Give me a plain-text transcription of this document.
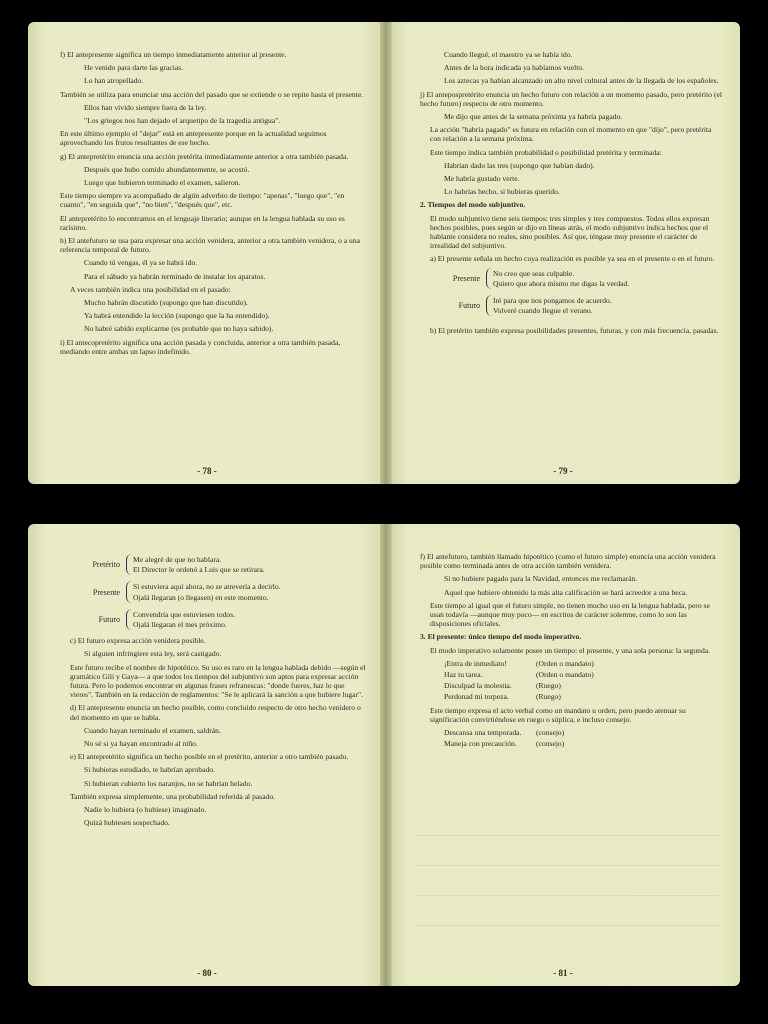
f) El antepresente significa un tiempo inmediatamente anterior al presente.

He venido para darte las gracias.

Lo han atropellado.

También se utiliza para enunciar una acción del pasado que se extiende o se repite hasta el presente.

Ellos han vivido siempre fuera de la ley.

"Los griegos nos han dejado el arquetipo de la tragedia antigua".

En este último ejemplo el "dejar" está en antepresente porque en la actualidad seguimos aprovechando los frutos resultantes de ese hecho.

g) El antepretérito enuncia una acción pretérita inmediatamente anterior a otra también pasada.

Después que hubo comido abundantemente, se acostó.

Luego que hubieron terminado el examen, salieron.

Este tiempo siempre va acompañado de algún adverbio de tiempo: "apenas", "luego que", "en cuanto", "en seguida que", "no bien", "después que", etc.

El antepretérito lo encontramos en el lenguaje literario; aunque en la lengua hablada su uso es rarísimo.

h) El antefuturo se usa para expresar una acción venidera, anterior a otra también venidera, o a una referencia temporal de futuro.

Cuando tú vengas, él ya se habrá ido.

Para el sábado ya habrán terminado de instalar los aparatos.

A veces también indica una posibilidad en el pasado:

Mucho habrán discutido (supongo que han discutido).

Ya habrá entendido la lección (supongo que la ha entendido).

No habré sabido explicarme (es probable que no haya sabido).

i) El antecopretérito significa una acción pasada y concluida, anterior a otra también pasada, mediando entre ambas un lapso indefinido.

- 78 -

Cuando llegué, el maestro ya se había ido.

Antes de la hora indicada ya habíamos vuelto.

Los aztecas ya habían alcanzado un alto nivel cultural antes de la llegada de los españoles.

j) El antepospretérito enuncia un hecho futuro con relación a un momento pasado, pero pretérito (el hecho futuro) respecto de otro momento.

Me dijo que antes de la semana próxima ya habría pagado.

La acción "habría pagado" es futura en relación con el momento en que "dijo", pero pretérita con relación a la semana próxima.

Este tiempo indica también probabilidad o posibilidad pretérita y terminada:

Habrían dado las tres (supongo que habían dado).

Me habría gustado verte.

Lo habrías hecho, si hubieras querido.

2. Tiempos del modo subjuntivo.

El modo subjuntivo tiene seis tiempos: tres simples y tres compuestos. Todos ellos expresan hechos posibles, pues según se dijo en líneas atrás, el modo subjuntivo indica hechos que el hablante considera no reales, sino posibles. Así que, téngase muy presente el carácter de irrealidad del subjuntivo.

a) El presente señala un hecho cuya realización es posible ya sea en el presente o en el futuro.

Presente
No creo que seas culpable.
Quiero que ahora mismo me digas la verdad.
Futuro
Iré para que nos pongamos de acuerdo.
Volveré cuando llegue el verano.

b) El pretérito también expresa posibilidades presentes, futuras, y con más frecuencia, pasadas.

- 79 -
Pretérito
Me alegré de que no hablara.
El Director le ordenó a Luis que se retirara.
Presente
Si estuviera aquí ahora, no se atrevería a decirlo.
Ojalá llegaran (o llegasen) en este momento.
Futuro
Convendría que estuviesen todos.
Ojalá llegaran el mes próximo.

c) El futuro expresa acción venidera posible.

Si alguien infringiere esta ley, será castigado.

Este futuro recibe el nombre de hipotético. Su uso es raro en la lengua hablada debido —según el gramático Gili y Gaya— a que todos los tiempos del subjuntivo son aptos para expresar acción futura. Pero lo podemos encontrar en algunas frases refranescas: "donde fueres, haz lo que vieres". También en la redacción de reglamentos: "Se le aplicará la sanción a que hubiere lugar".

d) El antepresente enuncia un hecho posible, como concluido respecto de otro hecho venidero o del momento en que se habla.

Cuando hayan terminado el examen, saldrán.

No sé si ya hayan encontrado al niño.

e) El antepretérito significa un hecho posible en el pretérito, anterior a otro también pasado.

Si hubieras estudiado, te habrían aprobado.

Si hubieran cubierto los naranjos, no se habrían helado.

También expresa simplemente, una probabilidad referida al pasado.

Nadie lo hubiera (o hubiese) imaginado.

Quizá hubiesen sospechado.

- 80 -

f) El antefuturo, también llamado hipotético (como el futuro simple) enuncia una acción venidera posible como terminada antes de otra acción también venidera.

Si no hubiere pagado para la Navidad, entonces me reclamarán.

Aquel que hubiere obtenido la más alta calificación se hará acreedor a una beca.

Este tiempo al igual que el futuro simple, no tienen mucho uso en la lengua hablada, pero se usan todavía —aunque muy poco— en escritos de carácter solemne, como lo son las disposiciones oficiales.

3. El presente: único tiempo del modo imperativo.

El modo imperativo solamente posee un tiempo: el presente, y una sola persona: la segunda.

¡Entra de inmediato!	(Orden o mandato)
Haz tu tarea.	(Orden o mandato)
Disculpad la molestia.	(Ruego)
Perdonad mi torpeza.	(Ruego)

Este tiempo expresa el acto verbal como un mandato u orden, pero puedo atenuar su significación convirtiéndose en ruego o súplica, e incluso consejo.

Descansa una temporada.	(consejo)
Maneja con precaución.	(consejo)
- 81 -
